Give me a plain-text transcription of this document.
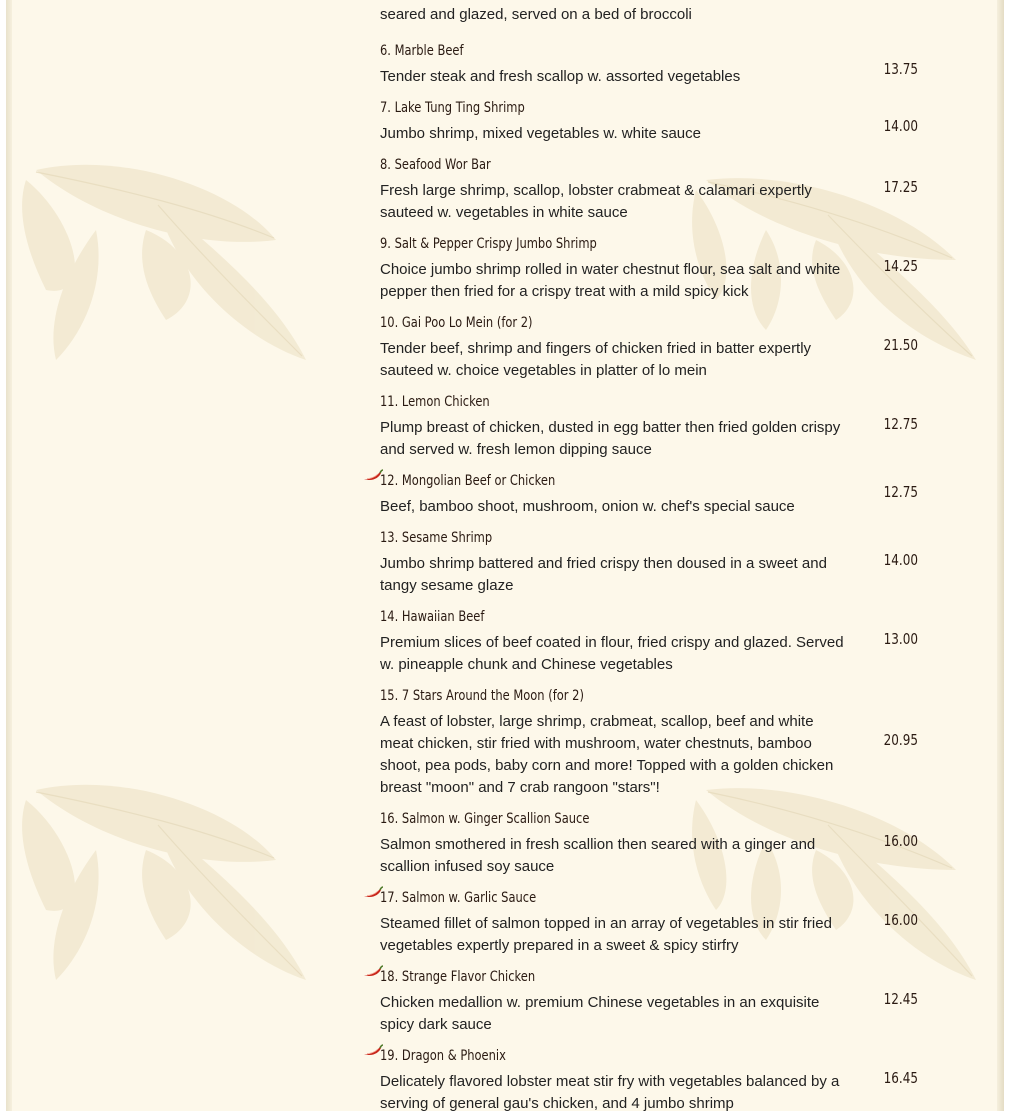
seared and glazed, served on a bed of broccoli
6. Marble Beef
Tender steak and fresh scallop w. assorted vegetables	13.75
7. Lake Tung Ting Shrimp
Jumbo shrimp, mixed vegetables w. white sauce	14.00
8. Seafood Wor Bar
Fresh large shrimp, scallop, lobster crabmeat & calamari expertly
sauteed w. vegetables in white sauce
17.25
9. Salt & Pepper Crispy Jumbo Shrimp
Choice jumbo shrimp rolled in water chestnut flour, sea salt and white
pepper then fried for a crispy treat with a mild spicy kick
14.25
10. Gai Poo Lo Mein (for 2)
Tender beef, shrimp and fingers of chicken fried in batter expertly
sauteed w. choice vegetables in platter of lo mein
21.50
11. Lemon Chicken
Plump breast of chicken, dusted in egg batter then fried golden crispy
and served w. fresh lemon dipping sauce
12.75
12. Mongolian Beef or Chicken
Beef, bamboo shoot, mushroom, onion w. chef's special sauce
12.75
13. Sesame Shrimp
Jumbo shrimp battered and fried crispy then doused in a sweet and
tangy sesame glaze
14.00
14. Hawaiian Beef
Premium slices of beef coated in flour, fried crispy and glazed. Served
w. pineapple chunk and Chinese vegetables
13.00
15. 7 Stars Around the Moon (for 2)
A feast of lobster, large shrimp, crabmeat, scallop, beef and white
meat chicken, stir fried with mushroom, water chestnuts, bamboo
shoot, pea pods, baby corn and more! Topped with a golden chicken
breast "moon" and 7 crab rangoon "stars"!
20.95
16. Salmon w. Ginger Scallion Sauce
Salmon smothered in fresh scallion then seared with a ginger and
scallion infused soy sauce
16.00
17. Salmon w. Garlic Sauce
Steamed fillet of salmon topped in an array of vegetables in stir fried
vegetables expertly prepared in a sweet & spicy stirfry
16.00
18. Strange Flavor Chicken
Chicken medallion w. premium Chinese vegetables in an exquisite
spicy dark sauce
12.45
19. Dragon & Phoenix
Delicately flavored lobster meat stir fry with vegetables balanced by a
serving of general gau's chicken, and 4 jumbo shrimp
16.45
